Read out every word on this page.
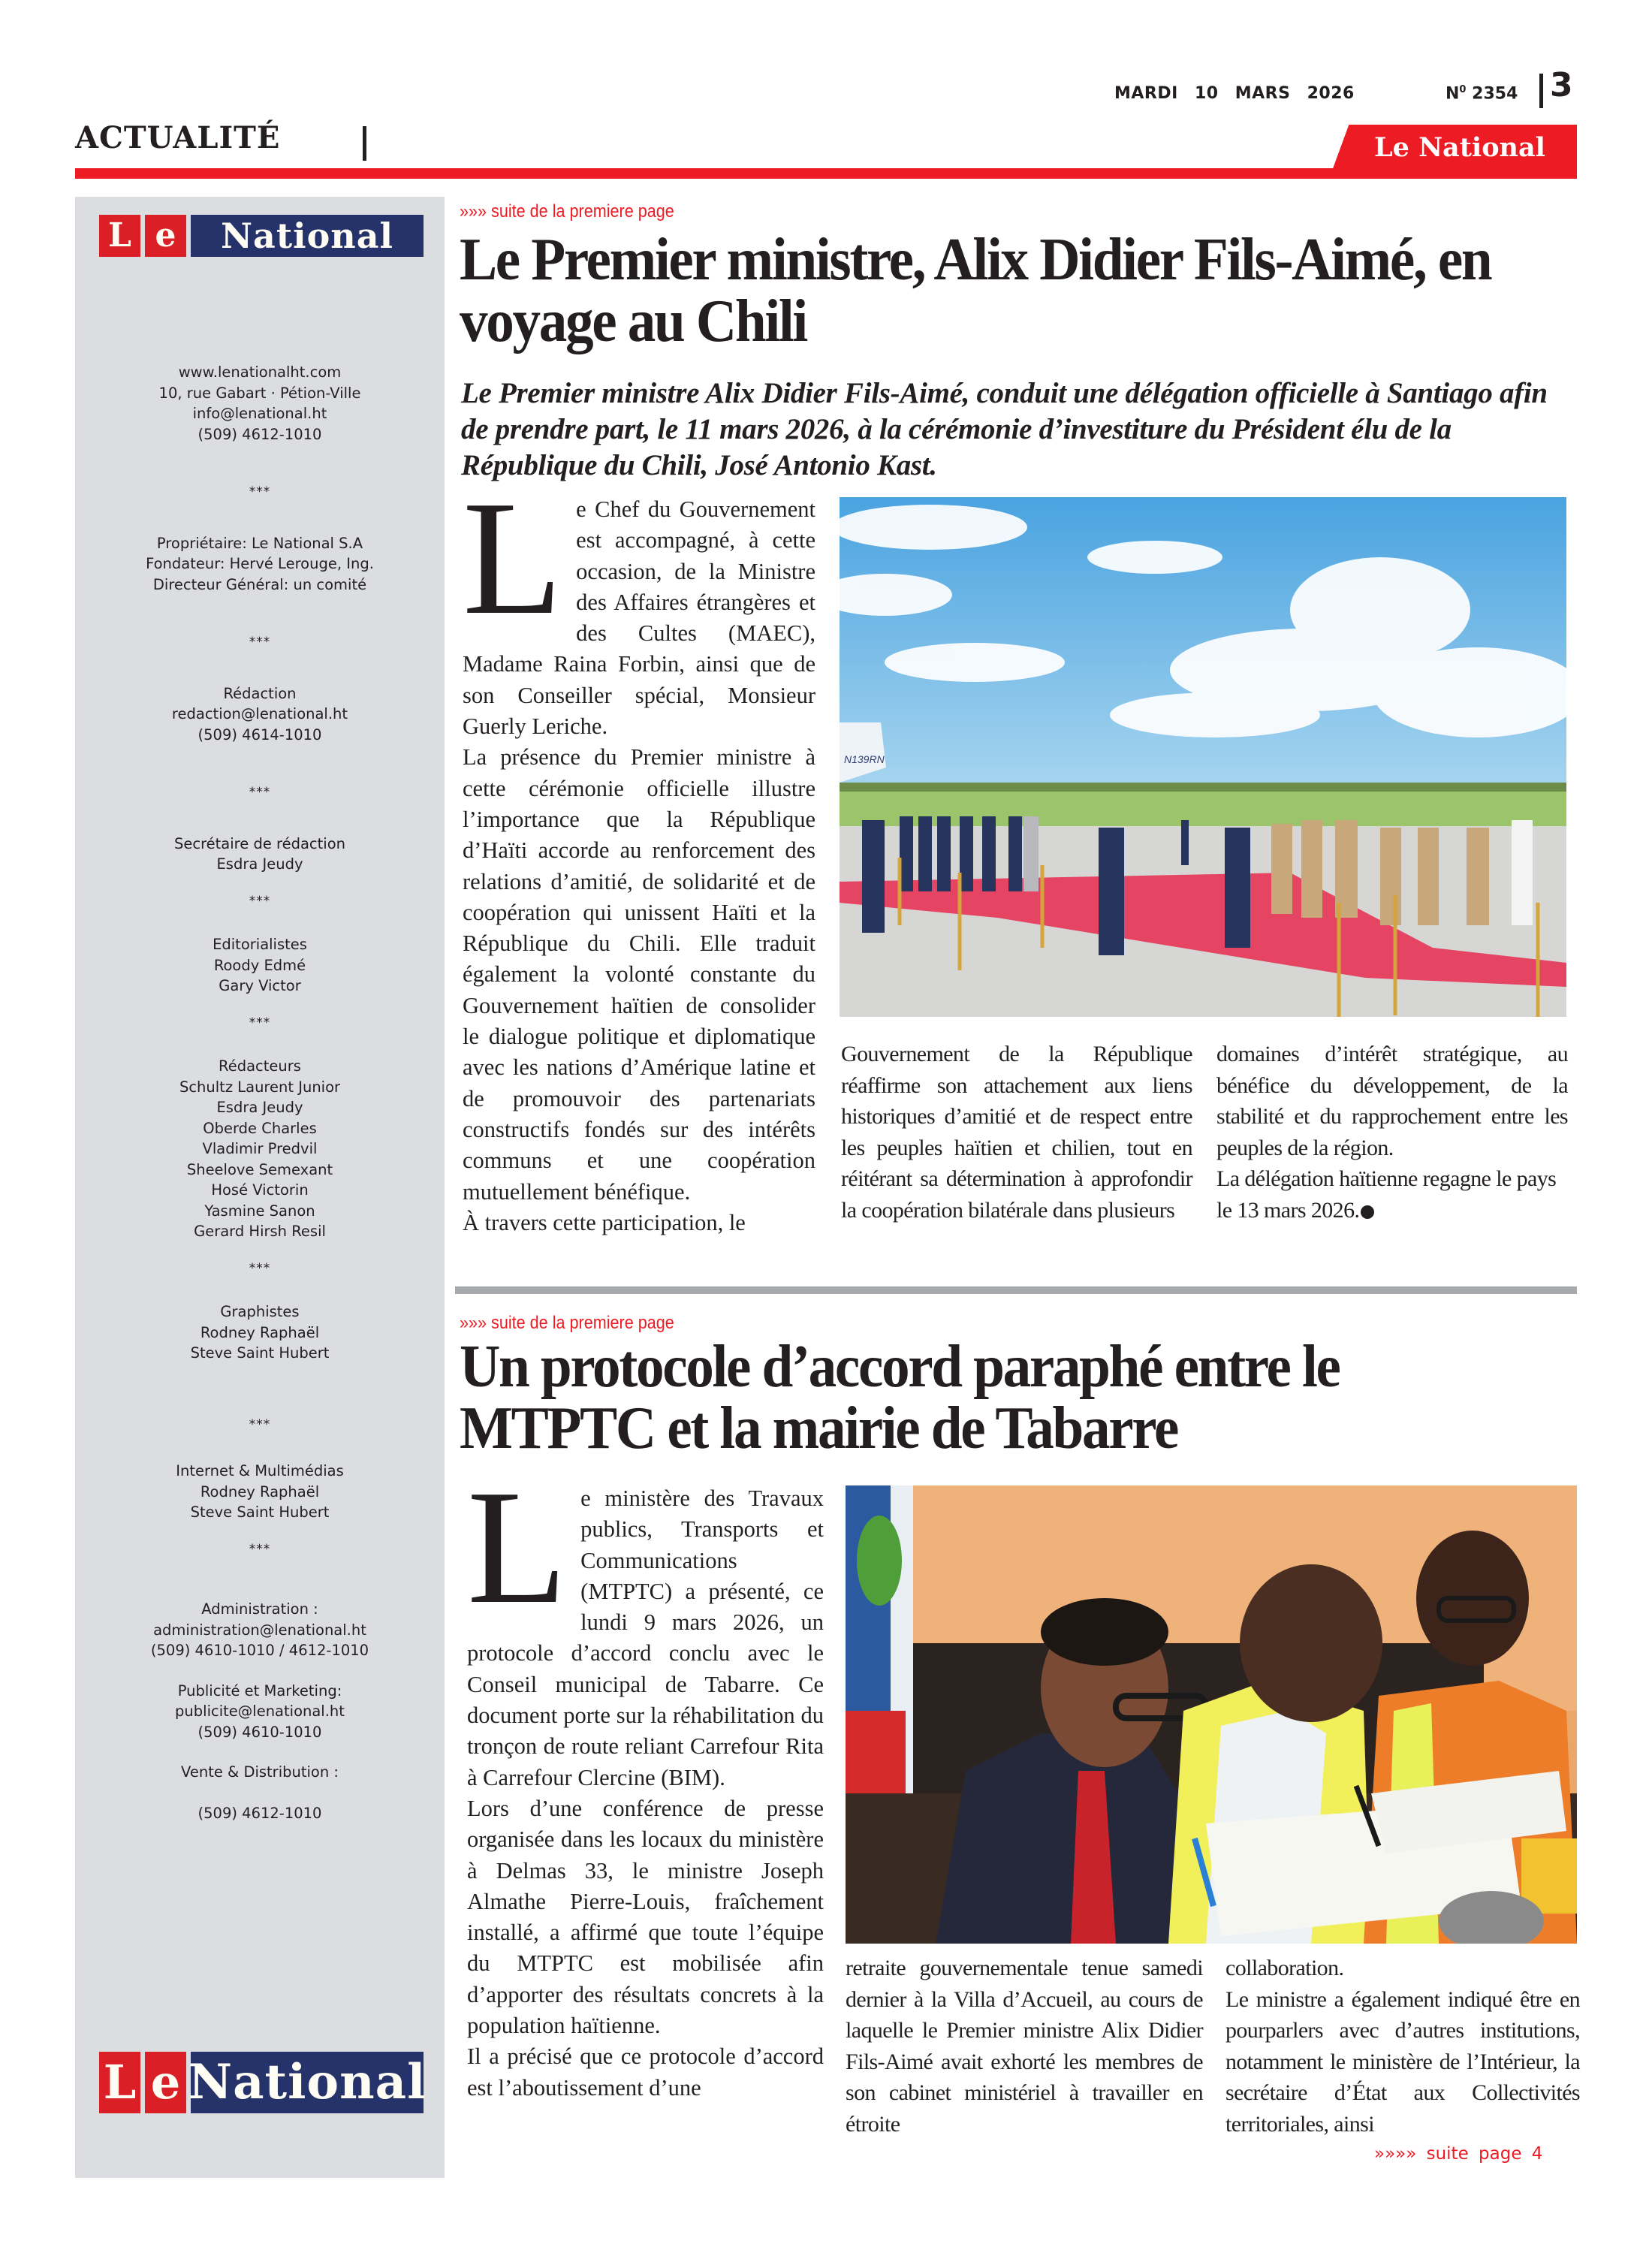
ACTUALITÉ
MARDI 10 MARS 2026	$N^0$ 2354 3
Le National
L e	National
www.lenationalht.com
10, rue Gabart · Pétion-Ville
info@lenational.ht
(509) 4612-1010
***
Propriétaire: Le National S.A
Fondateur: Hervé Lerouge, Ing.
Directeur Général: un comité
***
Rédaction
redaction@lenational.ht
(509) 4614-1010
***
Secrétaire de rédaction
Esdra Jeudy
***
Editorialistes
Roody Edmé
Gary Victor
***
Rédacteurs
Schultz Laurent Junior
Esdra Jeudy
Oberde Charles
Vladimir Predvil
Sheelove Semexant
Hosé Victorin
Yasmine Sanon
Gerard Hirsh Resil
***
Graphistes
Rodney Raphaël
Steve Saint Hubert
***
Internet & Multimédias
Rodney Raphaël
Steve Saint Hubert
***
Administration :
administration@lenational.ht
(509) 4610-1010 / 4612-1010
Publicité et Marketing:
publicite@lenational.ht
(509) 4610-1010
Vente & Distribution :
(509) 4612-1010
L e National
»»» suite de la premiere page
Le Premier ministre, Alix Didier Fils-Aimé, en voyage au Chili
Le Premier ministre Alix Didier Fils-Aimé, conduit une délégation officielle à Santiago afin de prendre part, le 11 mars 2026, à la cérémonie d’investiture du Président élu de la République du Chili, José Antonio Kast.

Le Chef du Gouvernement est accompagné, à cette occasion, de la Ministre des Affaires étrangères et des Cultes (MAEC), Madame Raina Forbin, ainsi que de son Conseiller spécial, Monsieur Guerly Leriche.

La présence du Premier ministre à cette cérémonie officielle illustre l’importance que la République d’Haïti accorde au renforcement des relations d’amitié, de solidarité et de coopération qui unissent Haïti et la République du Chili. Elle traduit également la volonté constante du Gouvernement haïtien de consolider le dialogue politique et diplomatique avec les nations d’Amérique latine et de promouvoir des partenariats constructifs fondés sur des intérêts communs et une coopération mutuellement bénéfique.

À travers cette participation, le

N139RN

Gouvernement de la République réaffirme son attachement aux liens historiques d’amitié et de respect entre les peuples haïtien et chilien, tout en réitérant sa détermination à approfondir la coopération bilatérale dans plusieurs

domaines d’intérêt stratégique, au bénéfice du développement, de la stabilité et du rapprochement entre les peuples de la région.

La délégation haïtienne regagne le pays le 13 mars 2026.

»»» suite de la premiere page
Un protocole d’accord paraphé entre le MTPTC et la mairie de Tabarre

Le ministère des Travaux publics, Transports et Communications (MTPTC) a présenté, ce lundi 9 mars 2026, un protocole d’accord conclu avec le Conseil municipal de Tabarre. Ce document porte sur la réhabilitation du tronçon de route reliant Carrefour Rita à Carrefour Clercine (BIM).

Lors d’une conférence de presse organisée dans les locaux du ministère à Delmas 33, le ministre Joseph Almathe Pierre-Louis, fraîchement installé, a affirmé que toute l’équipe du MTPTC est mobilisée afin d’apporter des résultats concrets à la population haïtienne.

Il a précisé que ce protocole d’accord est l’aboutissement d’une

retraite gouvernementale tenue samedi dernier à la Villa d’Accueil, au cours de laquelle le Premier ministre Alix Didier Fils-Aimé avait exhorté les membres de son cabinet ministériel à travailler en étroite

collaboration.

Le ministre a également indiqué être en pourparlers avec d’autres institutions, notamment le ministère de l’Intérieur, la secrétaire d’État aux Collectivités territoriales, ainsi

»»»» suite page 4
